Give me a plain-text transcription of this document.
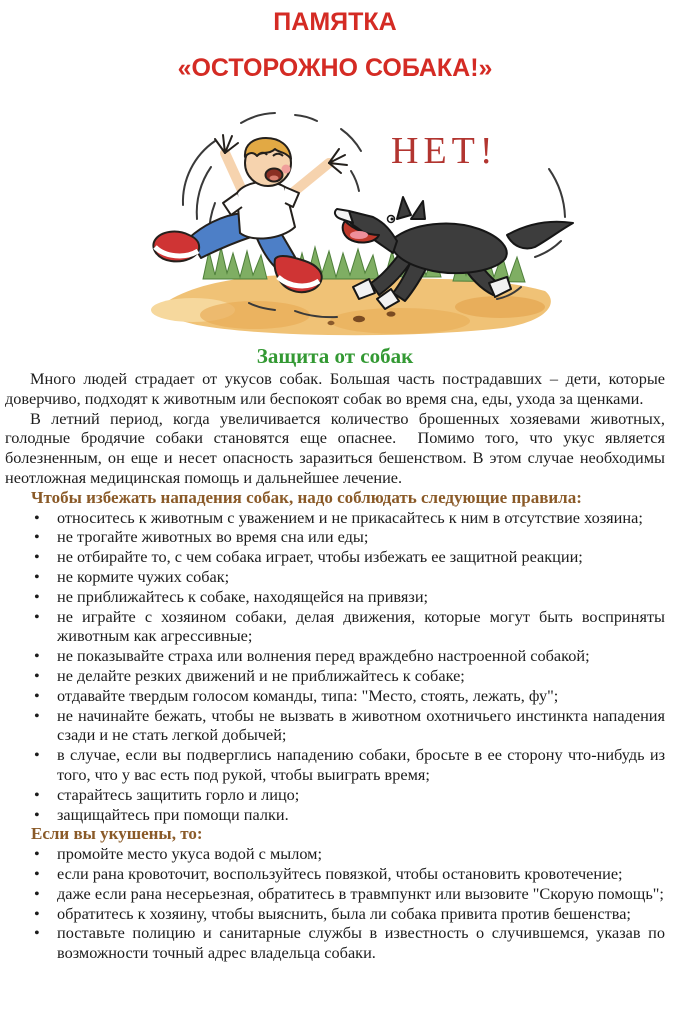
ПАМЯТКА
«ОСТОРОЖНО СОБАКА!»
НЕТ!
Защита от собак

Много людей страдает от укусов собак. Большая часть пострадавших – дети, которые доверчиво, подходят к животным или беспокоят собак во время сна, еды, ухода за щенками.

В летний период, когда увеличивается количество брошенных хозяевами животных, голодные бродячие собаки становятся еще опаснее.  Помимо того, что укус является болезненным, он еще и несет опасность заразиться бешенством. В этом случае необходимы неотложная медицинская помощь и дальнейшее лечение.

Чтобы избежать нападения собак, надо соблюдать следующие правила:
• относитесь к животным с уважением и не прикасайтесь к ним в отсутствие хозяина;
• не трогайте животных во время сна или еды;
• не отбирайте то, с чем собака играет, чтобы избежать ее защитной реакции;
• не кормите чужих собак;
• не приближайтесь к собаке, находящейся на привязи;
• не играйте с хозяином собаки, делая движения, которые могут быть восприняты животным как агрессивные;
• не показывайте страха или волнения перед враждебно настроенной собакой;
• не делайте резких движений и не приближайтесь к собаке;
• отдавайте твердым голосом команды, типа: "Место, стоять, лежать, фу";
• не начинайте бежать, чтобы не вызвать в животном охотничьего инстинкта нападения сзади и не стать легкой добычей;
• в случае, если вы подверглись нападению собаки, бросьте в ее сторону что-нибудь из того, что у вас есть под рукой, чтобы выиграть время;
• старайтесь защитить горло и лицо;
• защищайтесь при помощи палки.
Если вы укушены, то:
• промойте место укуса водой с мылом;
• если рана кровоточит, воспользуйтесь повязкой, чтобы остановить кровотечение;
• даже если рана несерьезная, обратитесь в травмпункт или вызовите "Скорую помощь";
• обратитесь к хозяину, чтобы выяснить, была ли собака привита против бешенства;
• поставьте полицию и санитарные службы в известность о случившемся, указав по возможности точный адрес владельца собаки.
